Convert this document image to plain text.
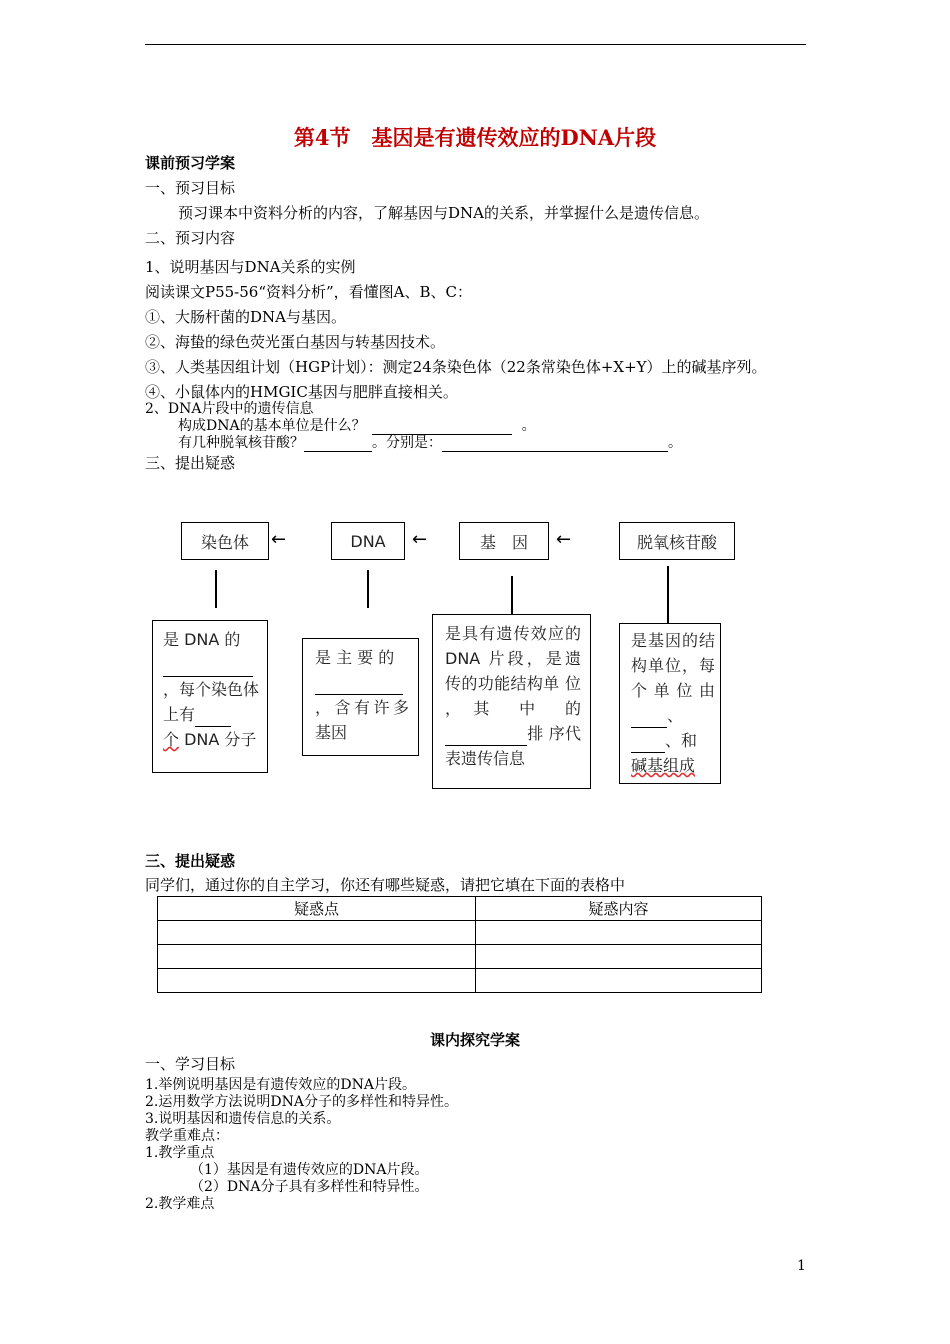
第4节　基因是有遗传效应的DNA片段
课前预习学案
一、预习目标
预习课本中资料分析的内容，了解基因与DNA的关系，并掌握什么是遗传信息。
二、预习内容
1、说明基因与DNA关系的实例
阅读课文P55-56“资料分析”，看懂图A、B、C：
①、大肠杆菌的DNA与基因。
②、海蛰的绿色荧光蛋白基因与转基因技术。
③、人类基因组计划（HGP计划）：测定24条染色体（22条常染色体+X+Y）上的碱基序列。
④、小鼠体内的HMGIC基因与肥胖直接相关。
2、DNA片段中的遗传信息
构成DNA的基本单位是什么？	。
有几种脱氧核苷酸？	。分别是：	。
三、提出疑惑
染色体	DNA	基　因	脱氧核苷酸
←	←	←
是 DNA 的

，每个染色体上有
个 DNA 分子
是 主 要 的

，含有许多基因
是具有遗传效应的 DNA 片段，是遗传的功能结构单 位 ，其 中 的 排 序代表遗传信息
是基因的结构单位，每个单位由、
、和
碱基组成
三、提出疑惑
同学们，通过你的自主学习，你还有哪些疑惑，请把它填在下面的表格中
疑惑点	疑惑内容

课内探究学案
一、学习目标
1.举例说明基因是有遗传效应的DNA片段。
2.运用数学方法说明DNA分子的多样性和特异性。
3.说明基因和遗传信息的关系。
教学重难点：
1.教学重点
（1）基因是有遗传效应的DNA片段。
（2）DNA分子具有多样性和特异性。
2.教学难点
1
